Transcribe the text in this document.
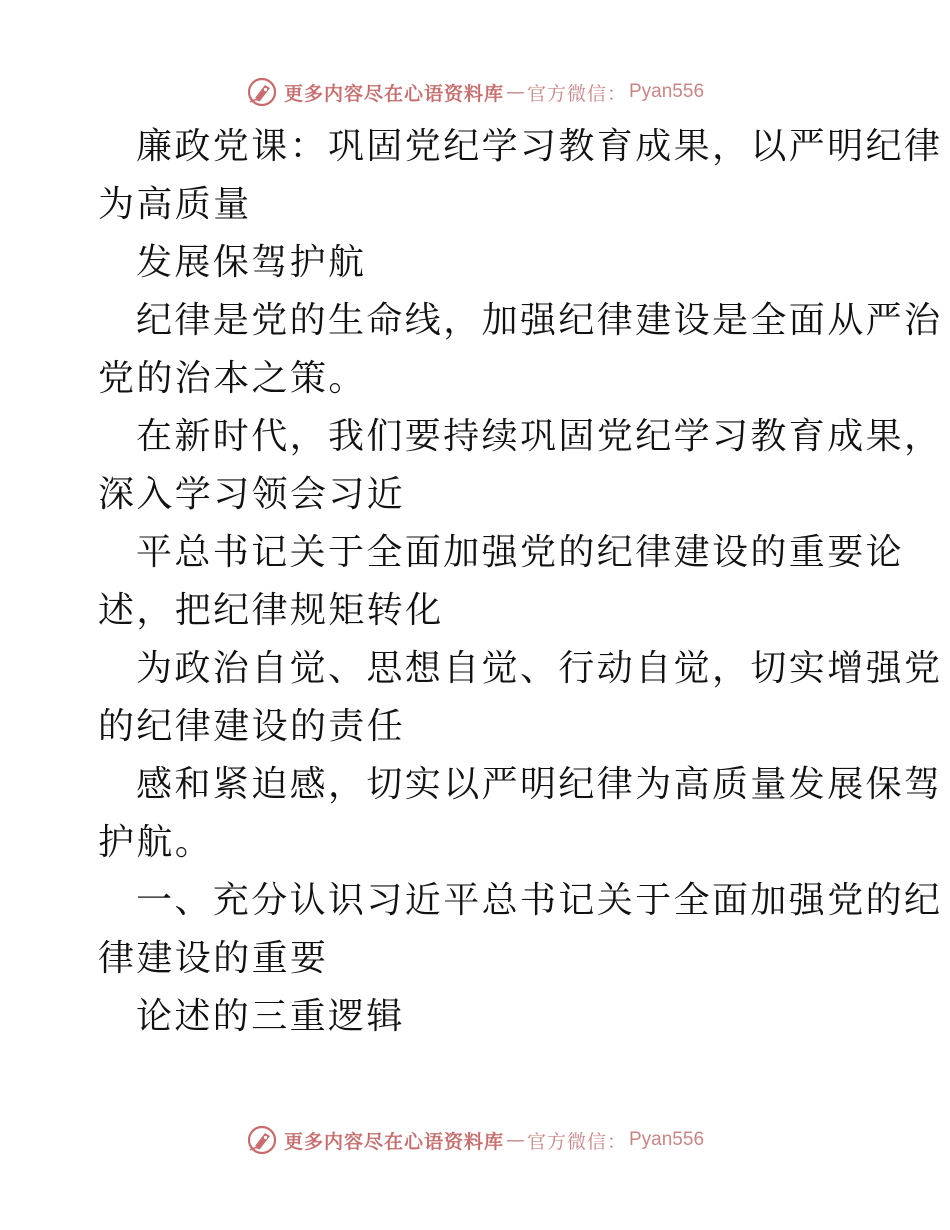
更多内容尽在心语资料库 — 官方微信： Pyan556
廉政党课：巩固党纪学习教育成果，以严明纪律
为高质量
发展保驾护航
纪律是党的生命线，加强纪律建设是全面从严治
党的治本之策。
在新时代，我们要持续巩固党纪学习教育成果，
深入学习领会习近
平总书记关于全面加强党的纪律建设的重要论
述，把纪律规矩转化
为政治自觉、思想自觉、行动自觉，切实增强党
的纪律建设的责任
感和紧迫感，切实以严明纪律为高质量发展保驾
护航。
一、充分认识习近平总书记关于全面加强党的纪
律建设的重要
论述的三重逻辑
更多内容尽在心语资料库 — 官方微信： Pyan556
